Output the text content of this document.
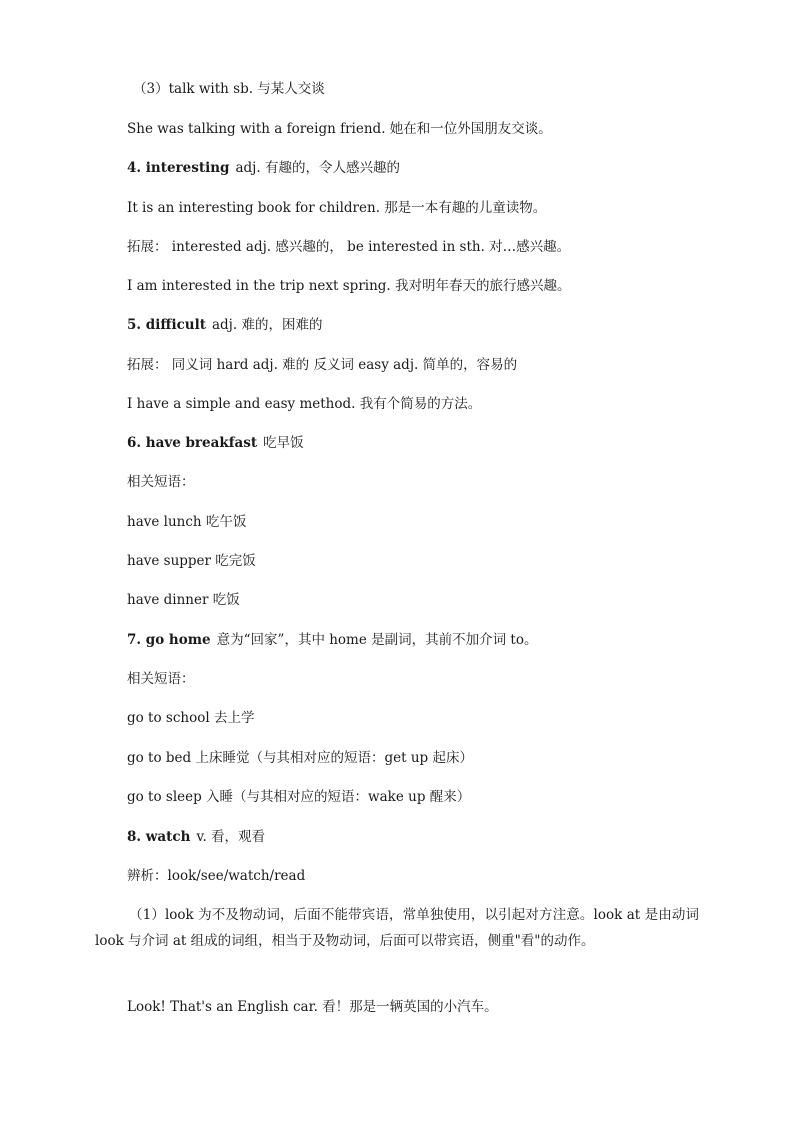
（3）talk with sb. 与某人交谈
She was talking with a foreign friend. 她在和一位外国朋友交谈。
4. interesting adj. 有趣的，令人感兴趣的
It is an interesting book for children. 那是一本有趣的儿童读物。
拓展： interested adj. 感兴趣的， be interested in sth. 对…感兴趣。
I am interested in the trip next spring. 我对明年春天的旅行感兴趣。
5. difficult adj. 难的，困难的
拓展： 同义词 hard adj. 难的 反义词 easy adj. 简单的，容易的
I have a simple and easy method. 我有个简易的方法。
6. have breakfast 吃早饭
相关短语：
have lunch 吃午饭
have supper 吃完饭
have dinner 吃饭
7. go home 意为“回家”，其中 home 是副词，其前不加介词 to。
相关短语：
go to school 去上学
go to bed 上床睡觉（与其相对应的短语：get up 起床）
go to sleep 入睡（与其相对应的短语：wake up 醒来）
8. watch v. 看，观看
辨析：look/see/watch/read
（1）look 为不及物动词，后面不能带宾语，常单独使用，以引起对方注意。look at 是由动词 look 与介词 at 组成的词组，相当于及物动词，后面可以带宾语，侧重"看"的动作。
Look! That's an English car. 看！那是一辆英国的小汽车。
